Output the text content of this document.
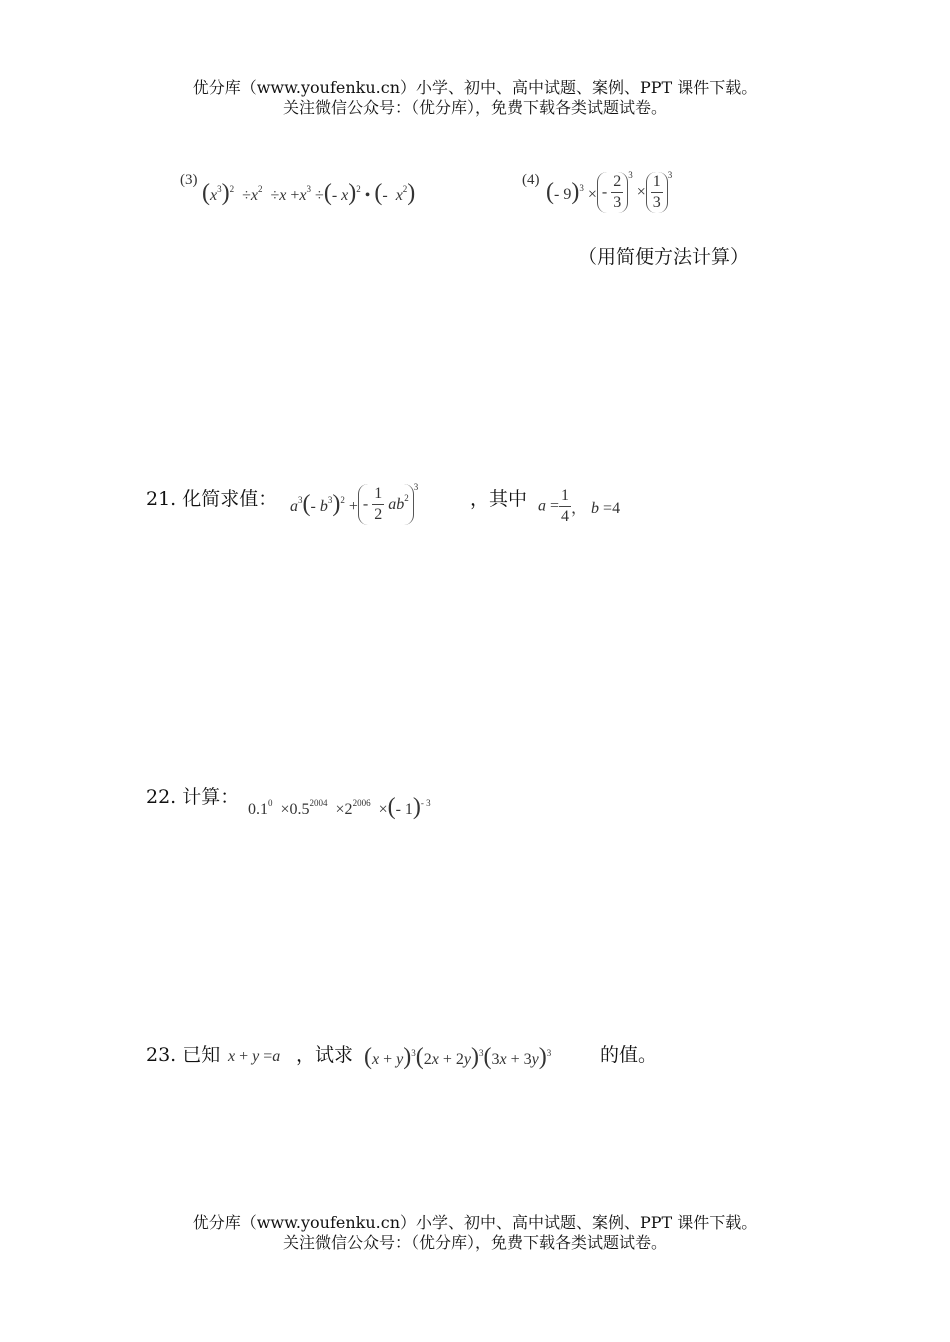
优分库（www.youfenku.cn）小学、初中、高中试题、案例、PPT 课件下载。
关注微信公众号：（优分库），免费下载各类试题试卷。
(3) $(x^3)^2 \div x^2 \div x +x^3$ ÷(- x)$^2$ • (-  $x^2$)	(4) (- 9)$^3$ × - $\frac{2}{3} ^3 \times \frac{1}{3} ^3$
（用简便方法计算）
21. 化简求值： $a^3(-$ $b^3)^2$ + - $\frac{1}{2} ab^{23}$
，其中 $a = \frac{1}{4}$ ， b =4
22. 计算：
$0.1^0 \times 0.5^{2004} \times 2^{2006}$  ×(- 1)$^{- 3}$
23. 已知 x + y =a ，试求 $(x + y)^3(2x + 2y)^3(3x + 3y)^3$	的值。
优分库（www.youfenku.cn）小学、初中、高中试题、案例、PPT 课件下载。
关注微信公众号：（优分库），免费下载各类试题试卷。
